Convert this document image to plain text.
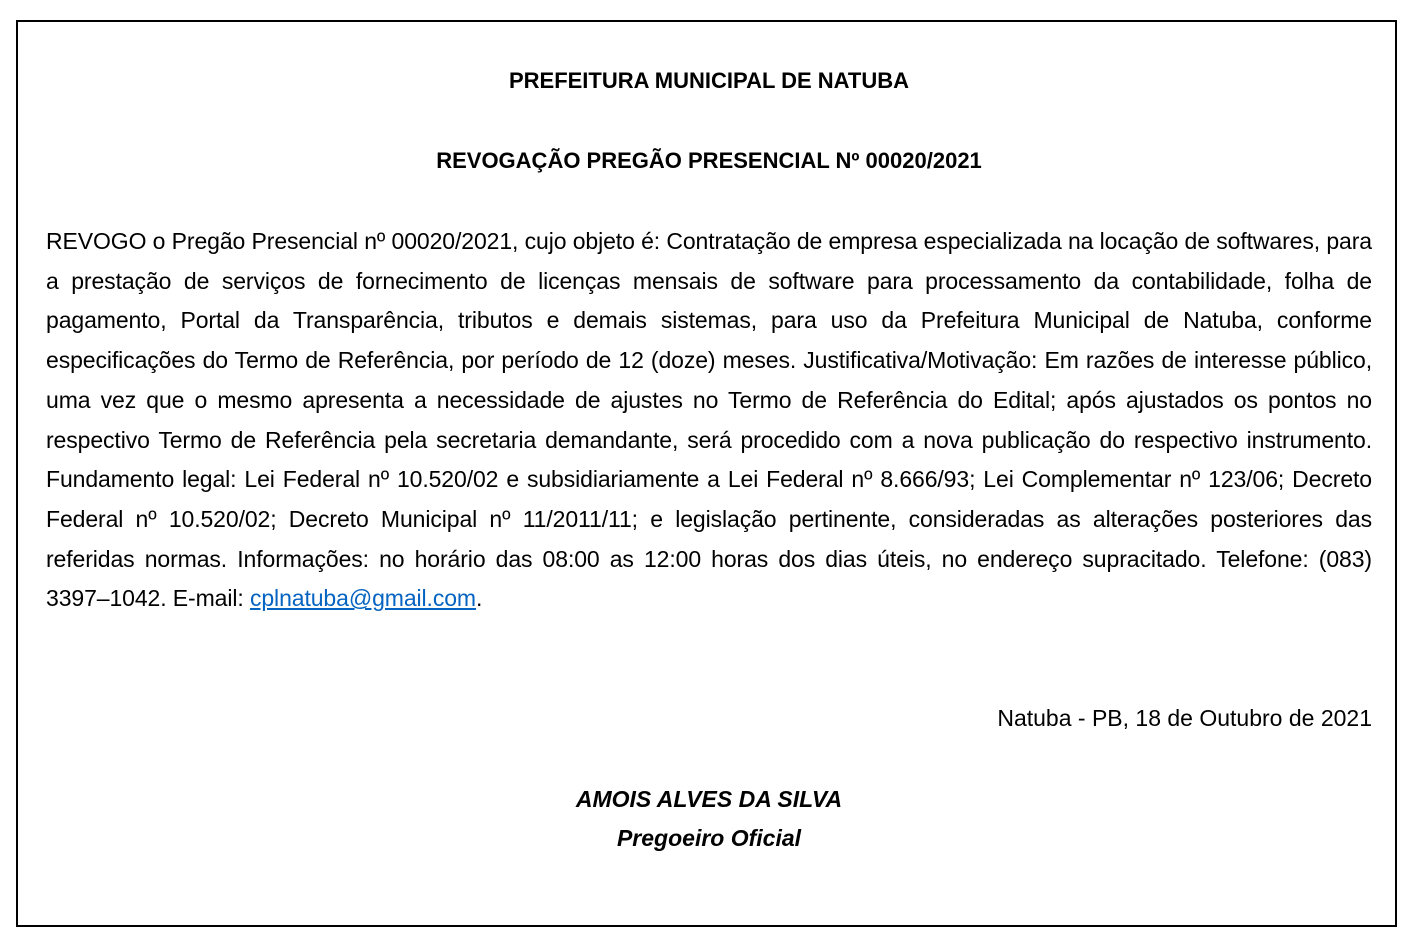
PREFEITURA MUNICIPAL DE NATUBA
REVOGAÇÃO PREGÃO PRESENCIAL Nº 00020/2021

REVOGO o Pregão Presencial nº 00020/2021, cujo objeto é: Contratação de empresa especializada na locação de softwares, para a prestação de serviços de fornecimento de licenças mensais de software para processamento da contabilidade, folha de pagamento, Portal da Transparência, tributos e demais sistemas, para uso da Prefeitura Municipal de Natuba, conforme especificações do Termo de Referência, por período de 12 (doze) meses. Justificativa/Motivação: Em razões de interesse público, uma vez que o mesmo apresenta a necessidade de ajustes no Termo de Referência do Edital; após ajustados os pontos no respectivo Termo de Referência pela secretaria demandante, será procedido com a nova publicação do respectivo instrumento. Fundamento legal: Lei Federal nº 10.520/02 e subsidiariamente a Lei Federal nº 8.666/93; Lei Complementar nº 123/06; Decreto Federal nº 10.520/02; Decreto Municipal nº 11/2011/11; e legislação pertinente, consideradas as alterações posteriores das referidas normas. Informações: no horário das 08:00 as 12:00 horas dos dias úteis, no endereço supracitado. Telefone: (083) 3397–1042. E-mail: cplnatuba@gmail.com.

Natuba - PB, 18 de Outubro de 2021

AMOIS ALVES DA SILVA

Pregoeiro Oficial
